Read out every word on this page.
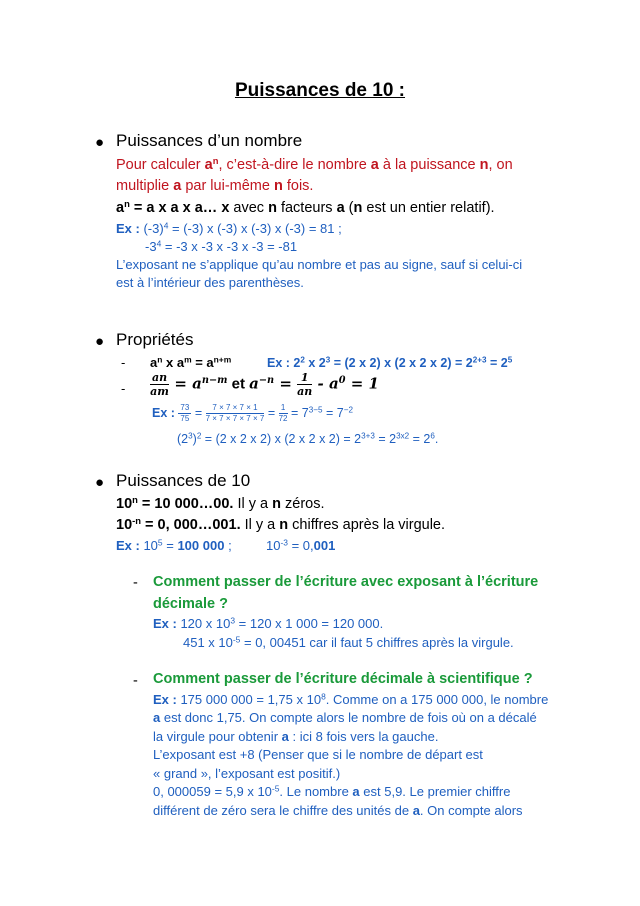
Puissances de 10 :
● Puissances d’un nombre
Pour calculer $a^n$, c’est-à-dire le nombre a à la puissance n, on
multiplie a par lui-même n fois.
$a^n = a$ x a x a… x avec n facteurs a (n est un entier relatif).
Ex : $(-3)^4 = (-3)$ x (-3) x (-3) x (-3) = 81 ;
$-3^4 = -3$ x -3 x -3 x -3 = -81
L’exposant ne s’applique qu’au nombre et pas au signe, sauf si celui-ci
est à l’intérieur des parenthèses.
● Propriétés
- $a^n$ x $a^m = a^{n+m}$	Ex : $2^2$ x $2^3 = (2$ x 2) x (2 x 2 x $2) = 2^{2+3} = 2^5$
- $\frac{an}{am} = a^{n-m}$ et $a^{-n} = \frac{1}{an} - a^0 = 1$
Ex : $\frac{73}{75} = \frac{7 \times 7 \times 7 \times 1}{7 \times 7 \times 7 \times 7 \times 7} = \frac{1}{72} = 7^{3-5} = 7^{-2}$
$(2^3)^2 = (2$ x 2 x 2) x (2 x 2 x $2) = 2^{3+3} = 2^{3x2} = 2^6$.
● Puissances de 10
$10^n = 10$ 000…00. Il y a n zéros.
$10^{-n} = 0$, 000…001. Il y a n chiffres après la virgule.
Ex : $10^5 = 100$ 000 ;	$10^{-3} = 0,001$
- Comment passer de l’écriture avec exposant à l’écriture
décimale ?
Ex : 120 x $10^3 = 120$ x 1 000 = 120 000.
451 x $10^{-5} = 0$, 00451 car il faut 5 chiffres après la virgule.
- Comment passer de l’écriture décimale à scientifique ?
Ex : 175 000 000 = 1,75 x $10^8$. Comme on a 175 000 000, le nombre
a est donc 1,75. On compte alors le nombre de fois où on a décalé
la virgule pour obtenir a : ici 8 fois vers la gauche.
L’exposant est +8 (Penser que si le nombre de départ est
« grand », l’exposant est positif.)
0, 000059 = 5,9 x $10^{-5}$. Le nombre a est 5,9. Le premier chiffre
différent de zéro sera le chiffre des unités de a. On compte alors
